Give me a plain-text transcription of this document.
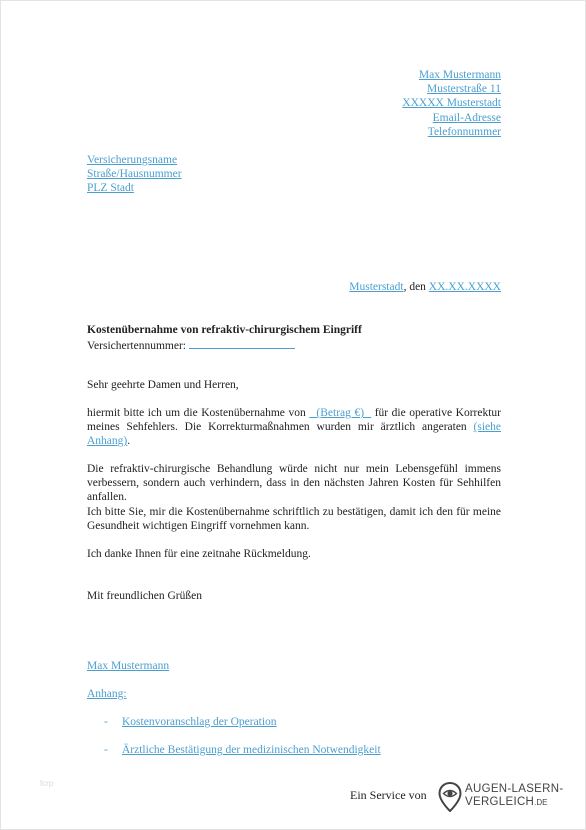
Max Mustermann
Musterstraße 11
XXXXX Musterstadt
Email-Adresse
Telefonnummer
Versicherungsname
Straße/Hausnummer
PLZ Stadt
Musterstadt, den XX.XX.XXXX
Kostenübernahme von refraktiv-chirurgischem Eingriff
Versichertennummer:
Sehr geehrte Damen und Herren,
hiermit bitte ich um die Kostenübernahme von   (Betrag €)   für die operative Korrektur meines Sehfehlers. Die Korrekturmaßnahmen wurden mir ärztlich angeraten (siehe Anhang).
Die refraktiv-chirurgische Behandlung würde nicht nur mein Lebensgefühl immens verbessern, sondern auch verhindern, dass in den nächsten Jahren Kosten für Sehhilfen anfallen.
Ich bitte Sie, mir die Kostenübernahme schriftlich zu bestätigen, damit ich den für meine Gesundheit wichtigen Eingriff vornehmen kann.
Ich danke Ihnen für eine zeitnahe Rückmeldung.
Mit freundlichen Grüßen
Max Mustermann
Anhang:
- Kostenvoranschlag der Operation
- Ärztliche Bestätigung der medizinischen Notwendigkeit
fcrp
Ein Service von	AUGEN-LASERN-
VERGLEICH.DE
